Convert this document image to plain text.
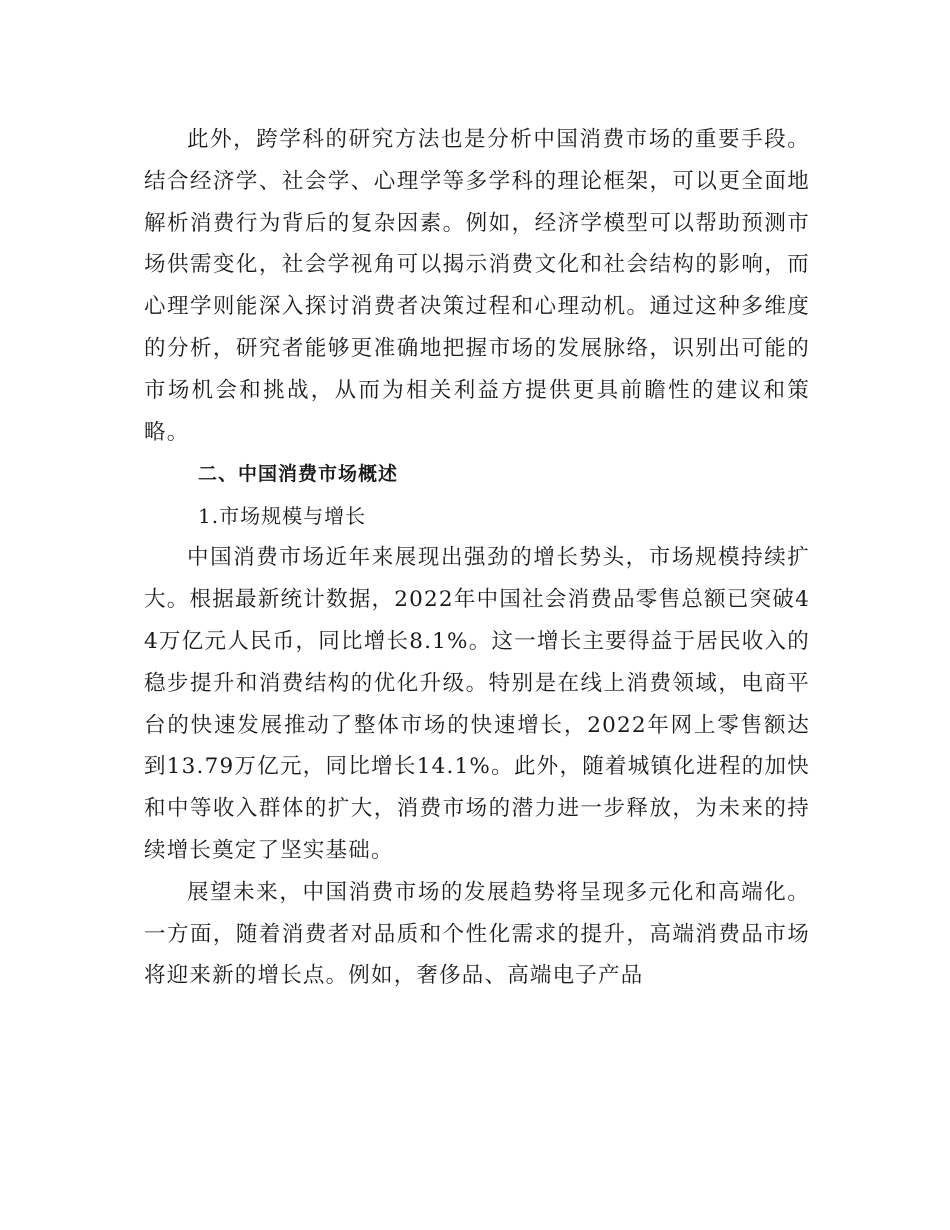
此外，跨学科的研究方法也是分析中国消费市场的重要手段。结合经济学、社会学、心理学等多学科的理论框架，可以更全面地解析消费行为背后的复杂因素。例如，经济学模型可以帮助预测市场供需变化，社会学视角可以揭示消费文化和社会结构的影响，而心理学则能深入探讨消费者决策过程和心理动机。通过这种多维度的分析，研究者能够更准确地把握市场的发展脉络，识别出可能的市场机会和挑战，从而为相关利益方提供更具前瞻性的建议和策略。

二、中国消费市场概述

1.市场规模与增长

中国消费市场近年来展现出强劲的增长势头，市场规模持续扩大。根据最新统计数据，2022年中国社会消费品零售总额已突破44万亿元人民币，同比增长8.1%。这一增长主要得益于居民收入的稳步提升和消费结构的优化升级。特别是在线上消费领域，电商平台的快速发展推动了整体市场的快速增长，2022年网上零售额达到13.79万亿元，同比增长14.1%。此外，随着城镇化进程的加快和中等收入群体的扩大，消费市场的潜力进一步释放，为未来的持续增长奠定了坚实基础。

展望未来，中国消费市场的发展趋势将呈现多元化和高端化。一方面，随着消费者对品质和个性化需求的提升，高端消费品市场将迎来新的增长点。例如，奢侈品、高端电子产品
